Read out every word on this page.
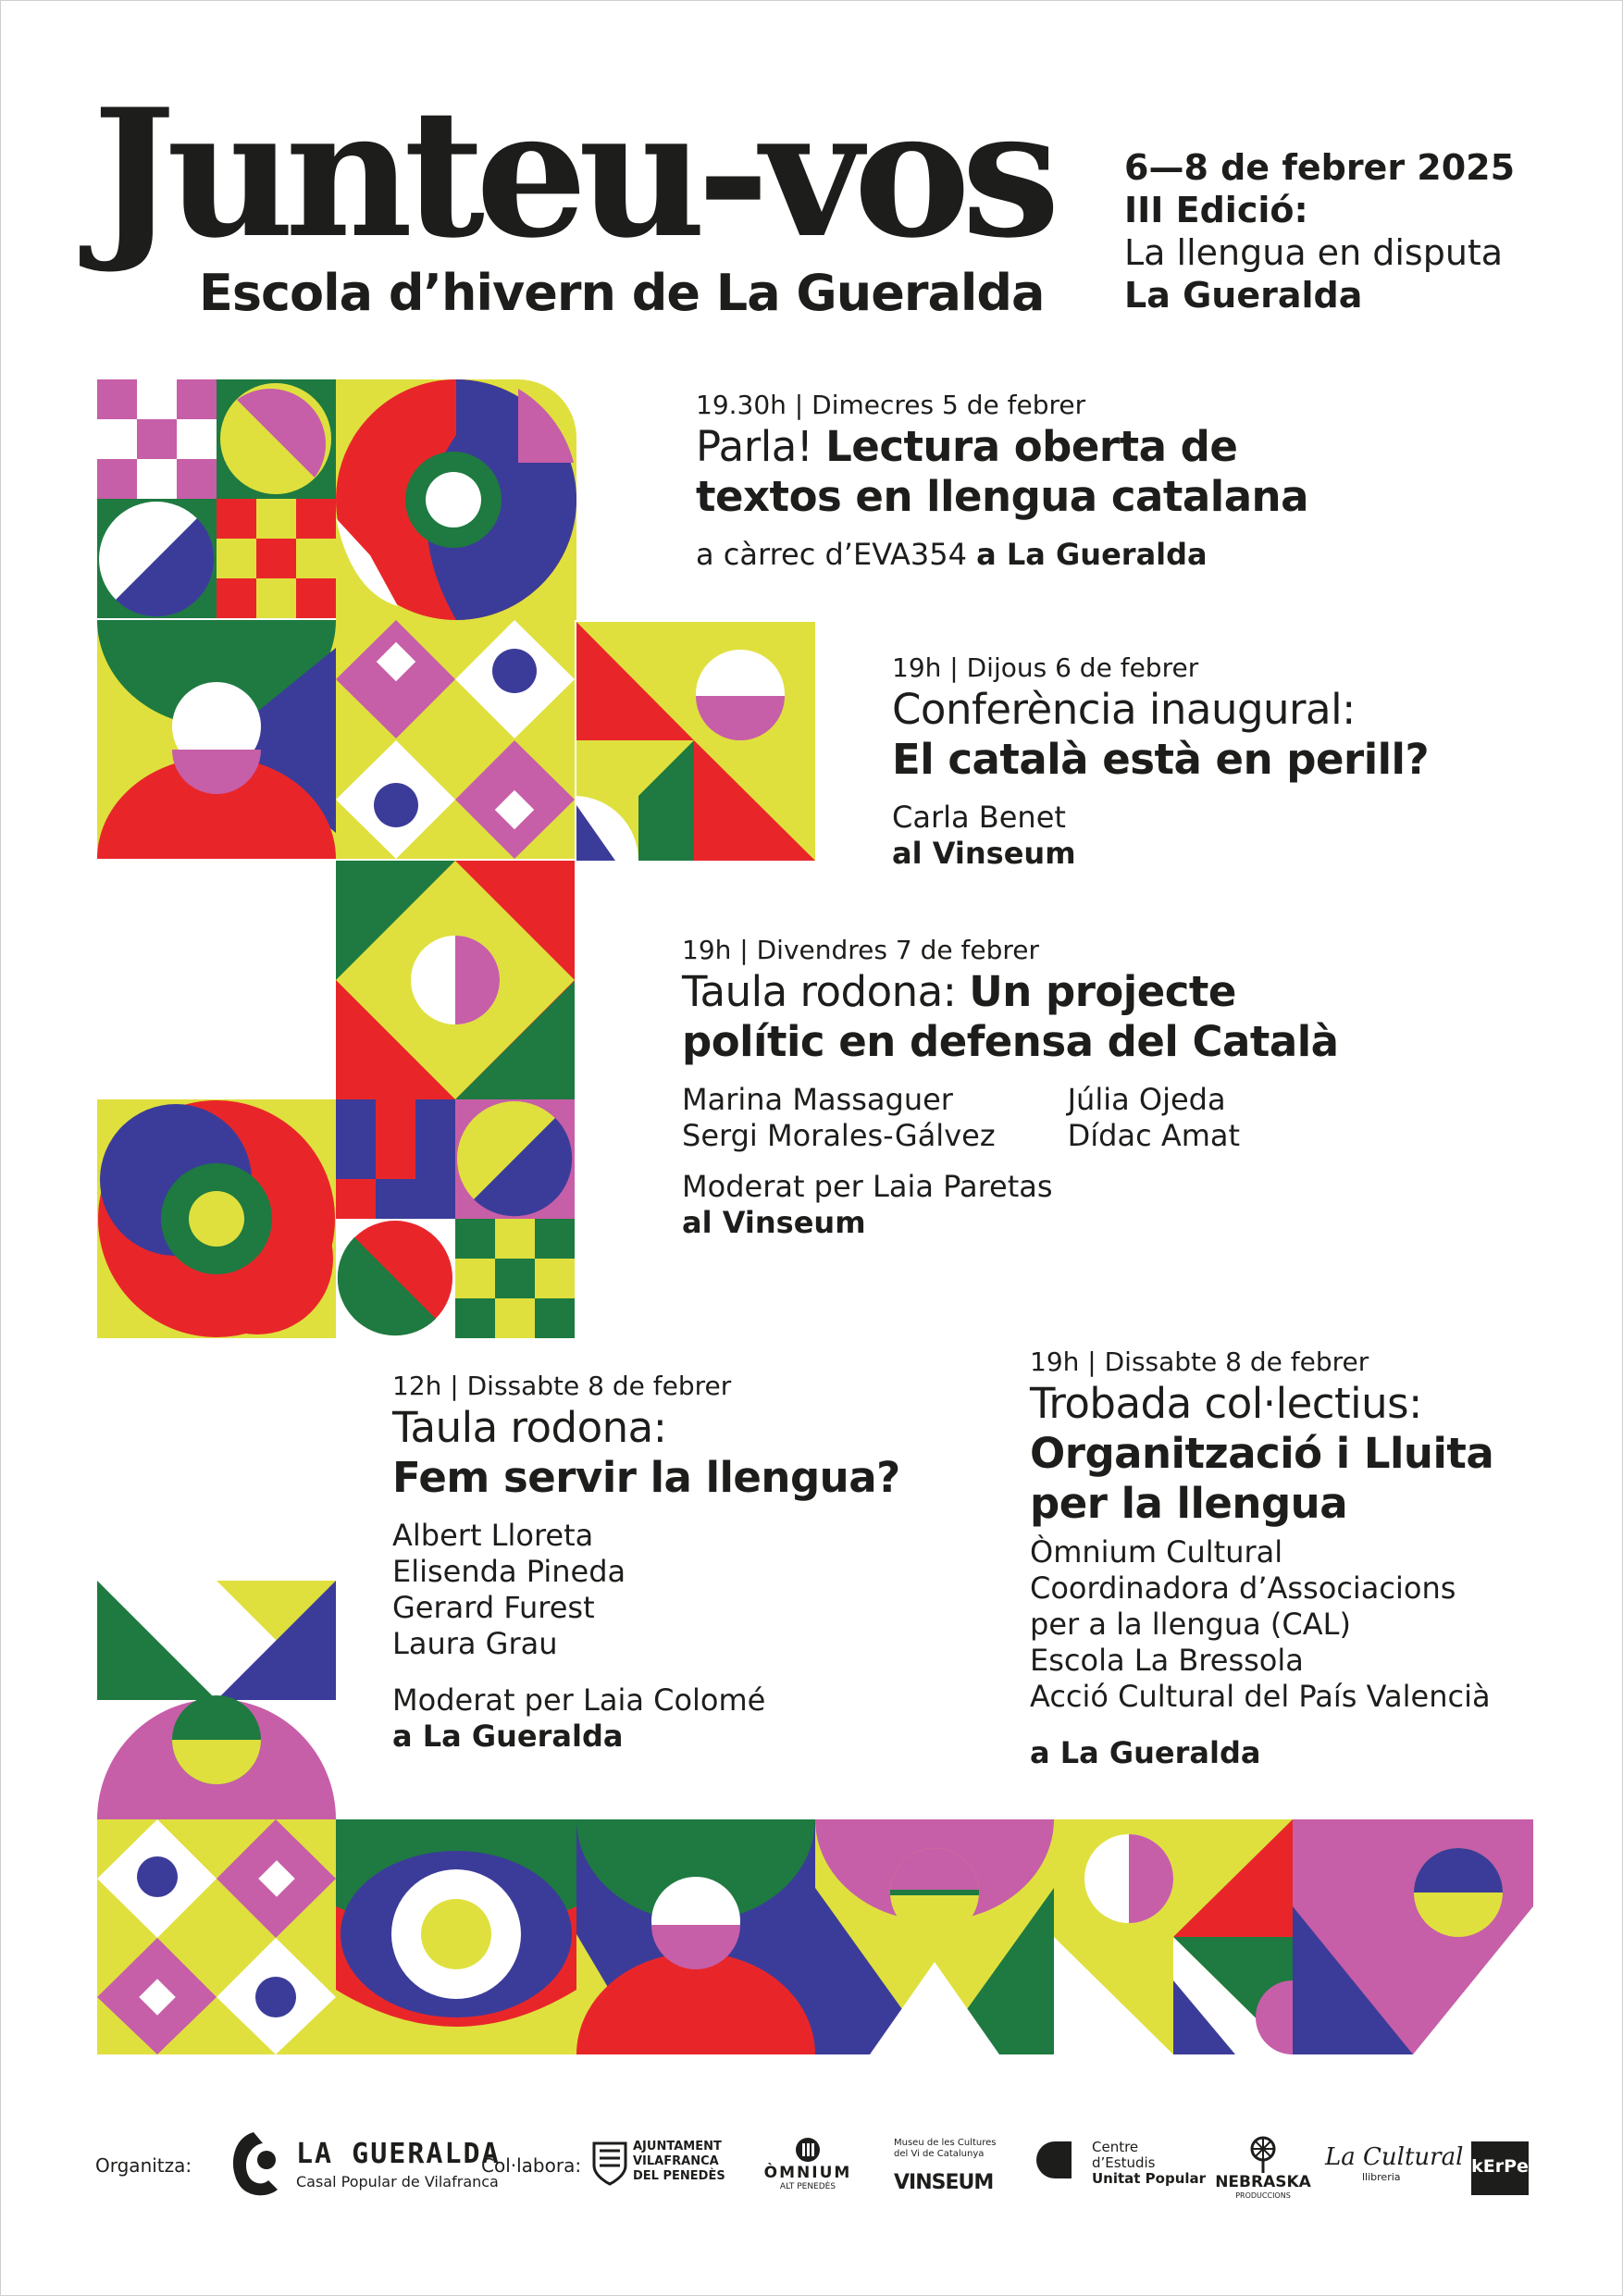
Junteu-vos
Escola d’hivern de La Gueralda
6—8 de febrer 2025
III Edició:
La llengua en disputa
La Gueralda
19.30h | Dimecres 5 de febrer
Parla! Lectura oberta de
textos en llengua catalana
a càrrec d’EVA354 a La Gueralda
19h | Dijous 6 de febrer
Conferència inaugural:
El català està en perill?
Carla Benet
al Vinseum
19h | Divendres 7 de febrer
Taula rodona: Un projecte
polític en defensa del Català
Marina Massaguer
Sergi Morales-Gálvez
Júlia Ojeda
Dídac Amat
Moderat per Laia Paretas
al Vinseum
12h | Dissabte 8 de febrer
Taula rodona:
Fem servir la llengua?
Albert Lloreta
Elisenda Pineda
Gerard Furest
Laura Grau
Moderat per Laia Colomé
a La Gueralda
19h | Dissabte 8 de febrer
Trobada col·lectius:
Organització i Lluita
per la llengua
Òmnium Cultural
Coordinadora d’Associacions
per a la llengua (CAL)
Escola La Bressola
Acció Cultural del País Valencià
a La Gueralda
Organitza:	LA GUERALDA
Casal Popular de Vilafranca
Col·labora:
AJUNTAMENT
VILAFRANCA
DEL PENEDÈS	ÒMNIUM
ALT PENEDÈS
Museu de les Cultures
del Vi de Catalunya
VINSEUM
Centre
d’Estudis
Unitat Popular NEBRASKA
PRODUCCIONS
La Cultural
llibreria
kErPe
